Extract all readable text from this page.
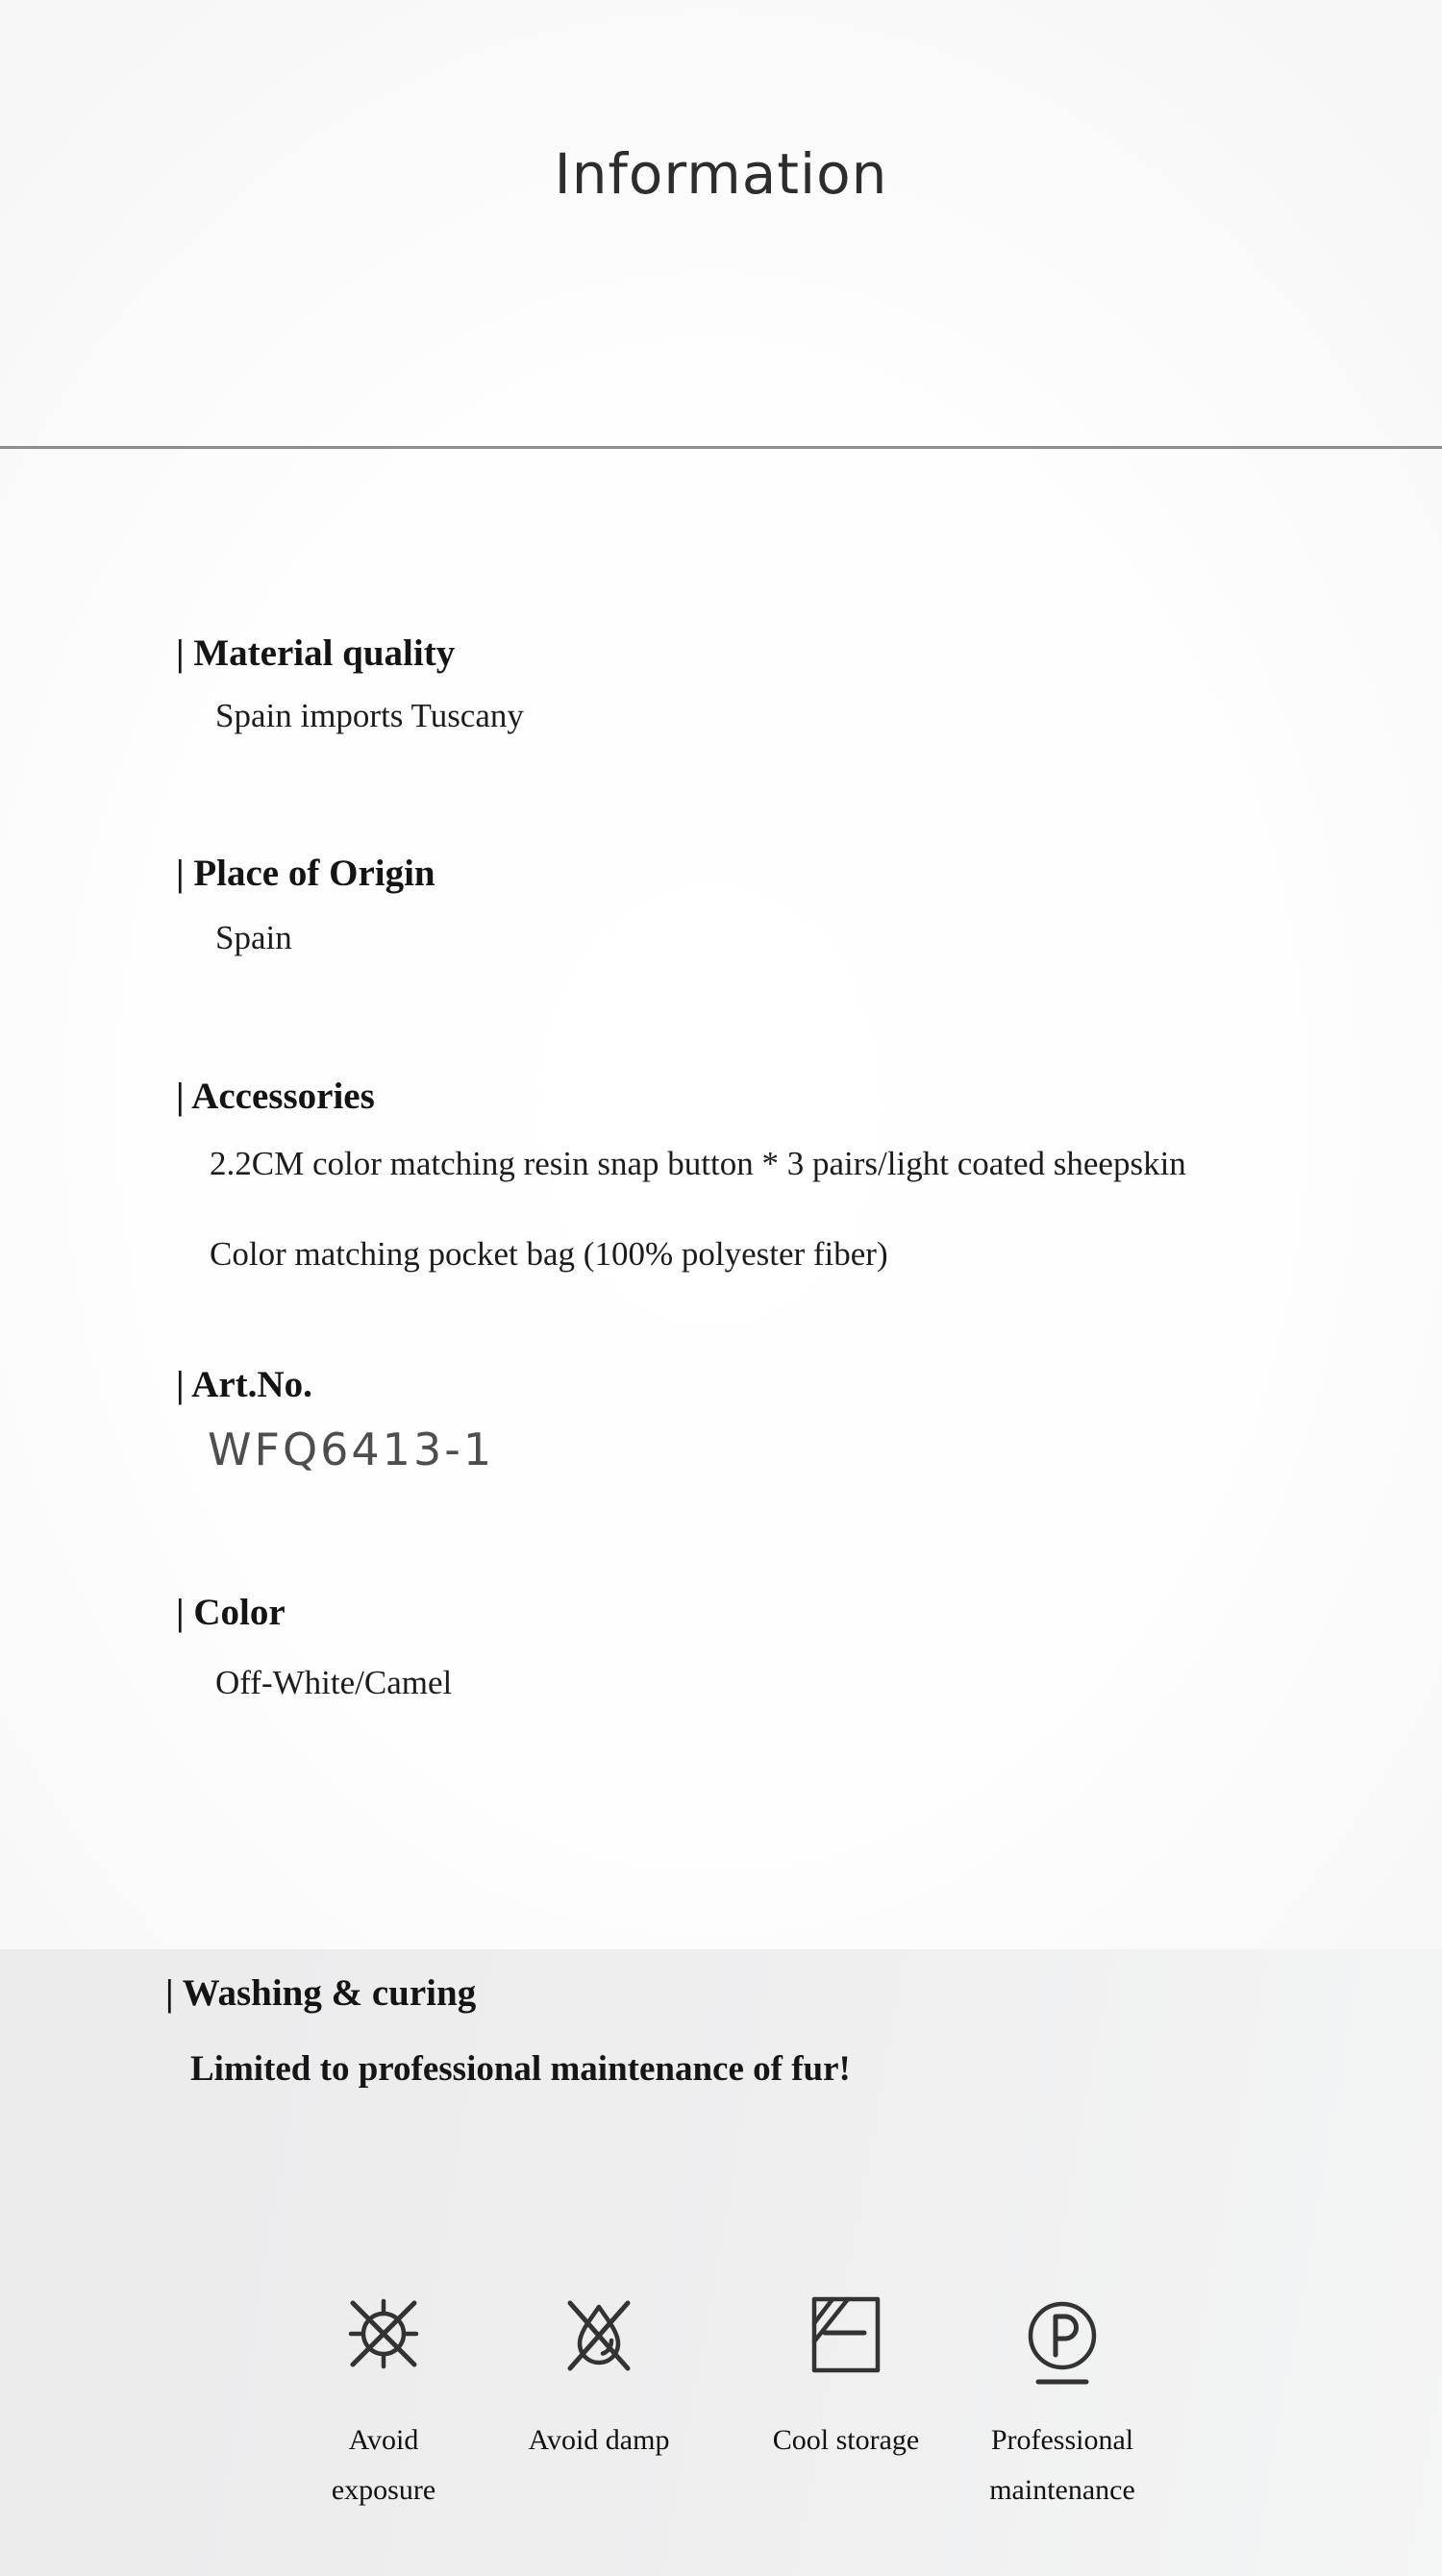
Information
| Material quality
Spain imports Tuscany
| Place of Origin
Spain
| Accessories
2.2CM color matching resin snap button * 3 pairs/light coated sheepskin
Color matching pocket bag (100% polyester fiber)
| Art.No.
WFQ6413-1
| Color
Off-White/Camel
| Washing & curing
Limited to professional maintenance of fur!
Avoid
exposure
Avoid damp	Cool storage	Professional
maintenance
